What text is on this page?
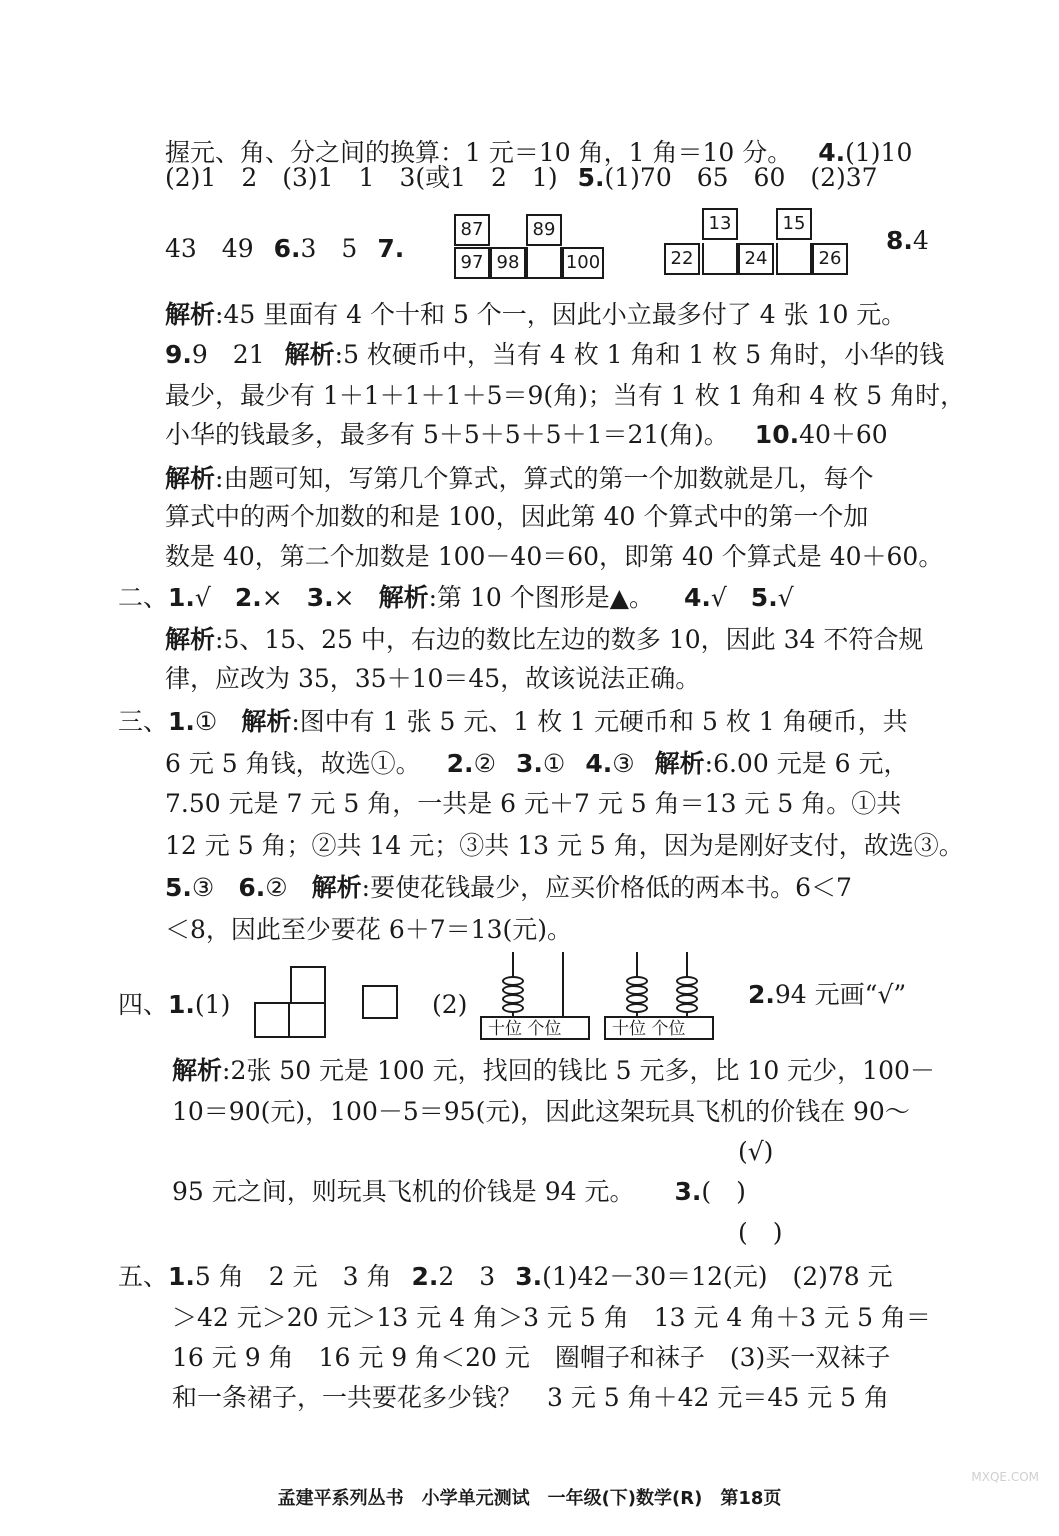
握元、角、分之间的换算：1 元＝10 角，1 角＝10 分。 4.(1)10
(2)1　2　(3)1　1　3(或1　2　1) 5.(1)70　65　60　(2)37
43　49 6.3　5 7.
87	89
97 98	100
13	15
22	24	26
8.4
解析:45 里面有 4 个十和 5 个一，因此小立最多付了 4 张 10 元。
9.9　21 解析:5 枚硬币中，当有 4 枚 1 角和 1 枚 5 角时，小华的钱
最少，最少有 1＋1＋1＋1＋5＝9(角)；当有 1 枚 1 角和 4 枚 5 角时，
小华的钱最多，最多有 5＋5＋5＋5＋1＝21(角)。 10.40＋60
解析:由题可知，写第几个算式，算式的第一个加数就是几，每个
算式中的两个加数的和是 100，因此第 40 个算式中的第一个加
数是 40，第二个加数是 100－40＝60，即第 40 个算式是 40＋60。
二、1.√ 2.× 3.× 解析:第 10 个图形是▲。 4.√ 5.√
解析:5、15、25 中，右边的数比左边的数多 10，因此 34 不符合规
律，应改为 35，35＋10＝45，故该说法正确。
三、1.① 解析:图中有 1 张 5 元、1 枚 1 元硬币和 5 枚 1 角硬币，共
6 元 5 角钱，故选①。 2.② 3.① 4.③ 解析:6.00 元是 6 元，
7.50 元是 7 元 5 角，一共是 6 元＋7 元 5 角＝13 元 5 角。①共
12 元 5 角；②共 14 元；③共 13 元 5 角，因为是刚好支付，故选③。
5.③ 6.② 解析:要使花钱最少，应买价格低的两本书。6＜7
＜8，因此至少要花 6＋7＝13(元)。
四、1.(1)	(2)
十位 个位	十位 个位
2.94 元画“√”
解析:2张 50 元是 100 元，找回的钱比 5 元多，比 10 元少，100－
10＝90(元)，100－5＝95(元)，因此这架玩具飞机的价钱在 90～
(√)
95 元之间，则玩具飞机的价钱是 94 元。 3.(　)
(　)
五、1.5 角　2 元　3 角 2.2　3 3.(1)42－30＝12(元)　(2)78 元
＞42 元＞20 元＞13 元 4 角＞3 元 5 角　13 元 4 角＋3 元 5 角＝
16 元 9 角　16 元 9 角＜20 元　圈帽子和袜子　(3)买一双袜子
和一条裙子，一共要花多少钱？　3 元 5 角＋42 元＝45 元 5 角
孟建平系列丛书　小学单元测试　一年级(下)数学(R)　第18页
MXQE.COM
